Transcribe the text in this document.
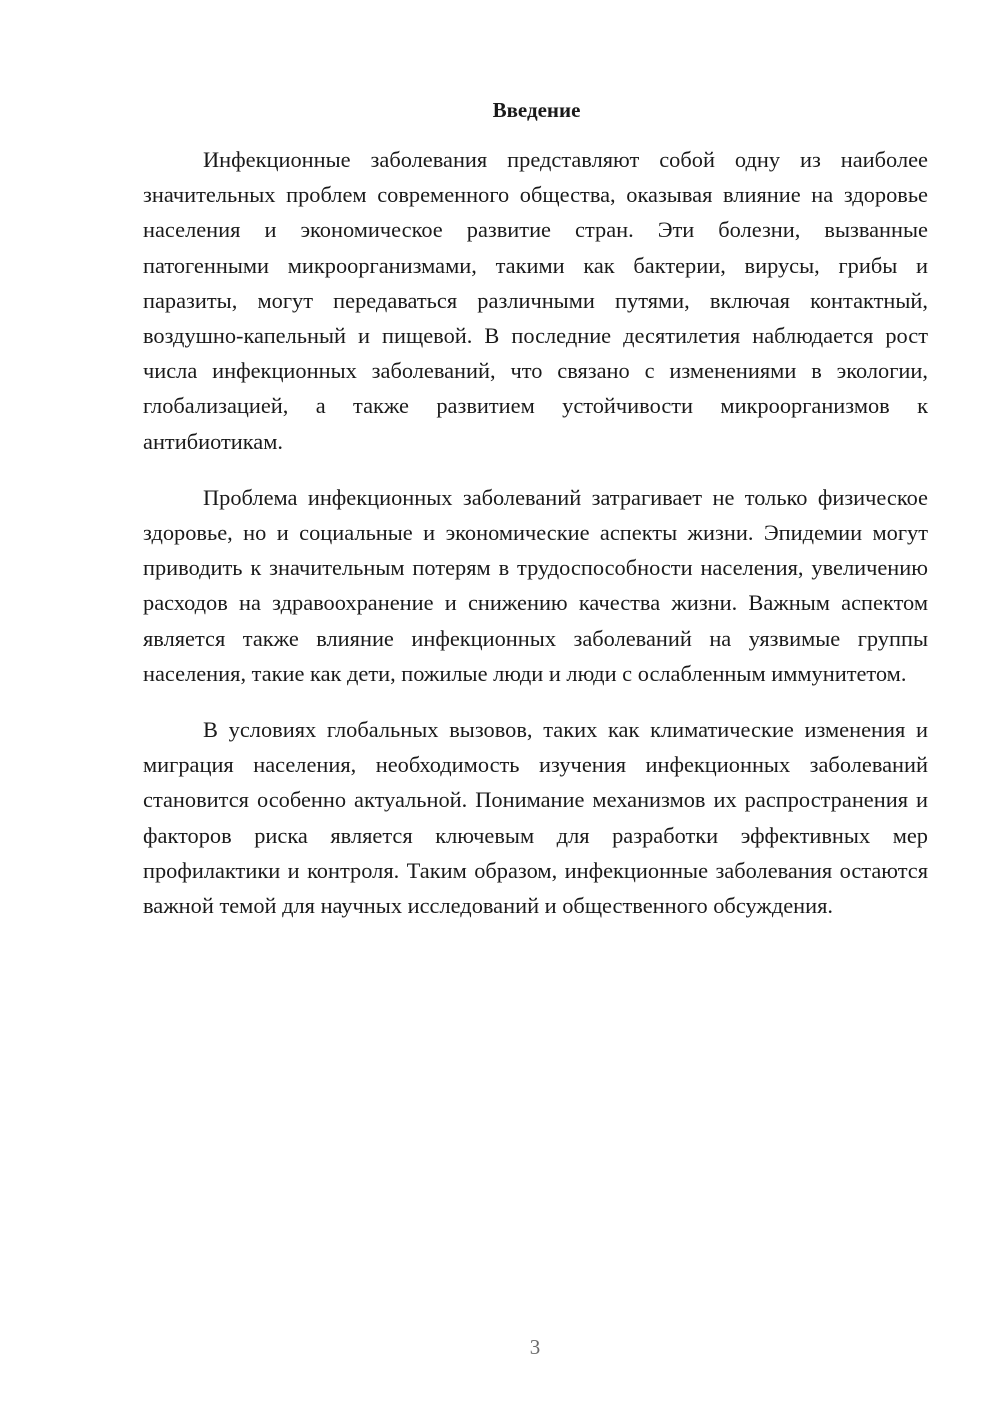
Введение

Инфекционные заболевания представляют собой одну из наиболее значительных проблем современного общества, оказывая влияние на здоровье населения и экономическое развитие стран. Эти болезни, вызванные патогенными микроорганизмами, такими как бактерии, вирусы, грибы и паразиты, могут передаваться различными путями, включая контактный, воздушно-капельный и пищевой. В последние десятилетия наблюдается рост числа инфекционных заболеваний, что связано с изменениями в экологии, глобализацией, а также развитием устойчивости микроорганизмов к антибиотикам.

Проблема инфекционных заболеваний затрагивает не только физическое здоровье, но и социальные и экономические аспекты жизни. Эпидемии могут приводить к значительным потерям в трудоспособности населения, увеличению расходов на здравоохранение и снижению качества жизни. Важным аспектом является также влияние инфекционных заболеваний на уязвимые группы населения, такие как дети, пожилые люди и люди с ослабленным иммунитетом.

В условиях глобальных вызовов, таких как климатические изменения и миграция населения, необходимость изучения инфекционных заболеваний становится особенно актуальной. Понимание механизмов их распространения и факторов риска является ключевым для разработки эффективных мер профилактики и контроля. Таким образом, инфекционные заболевания остаются важной темой для научных исследований и общественного обсуждения.

3
